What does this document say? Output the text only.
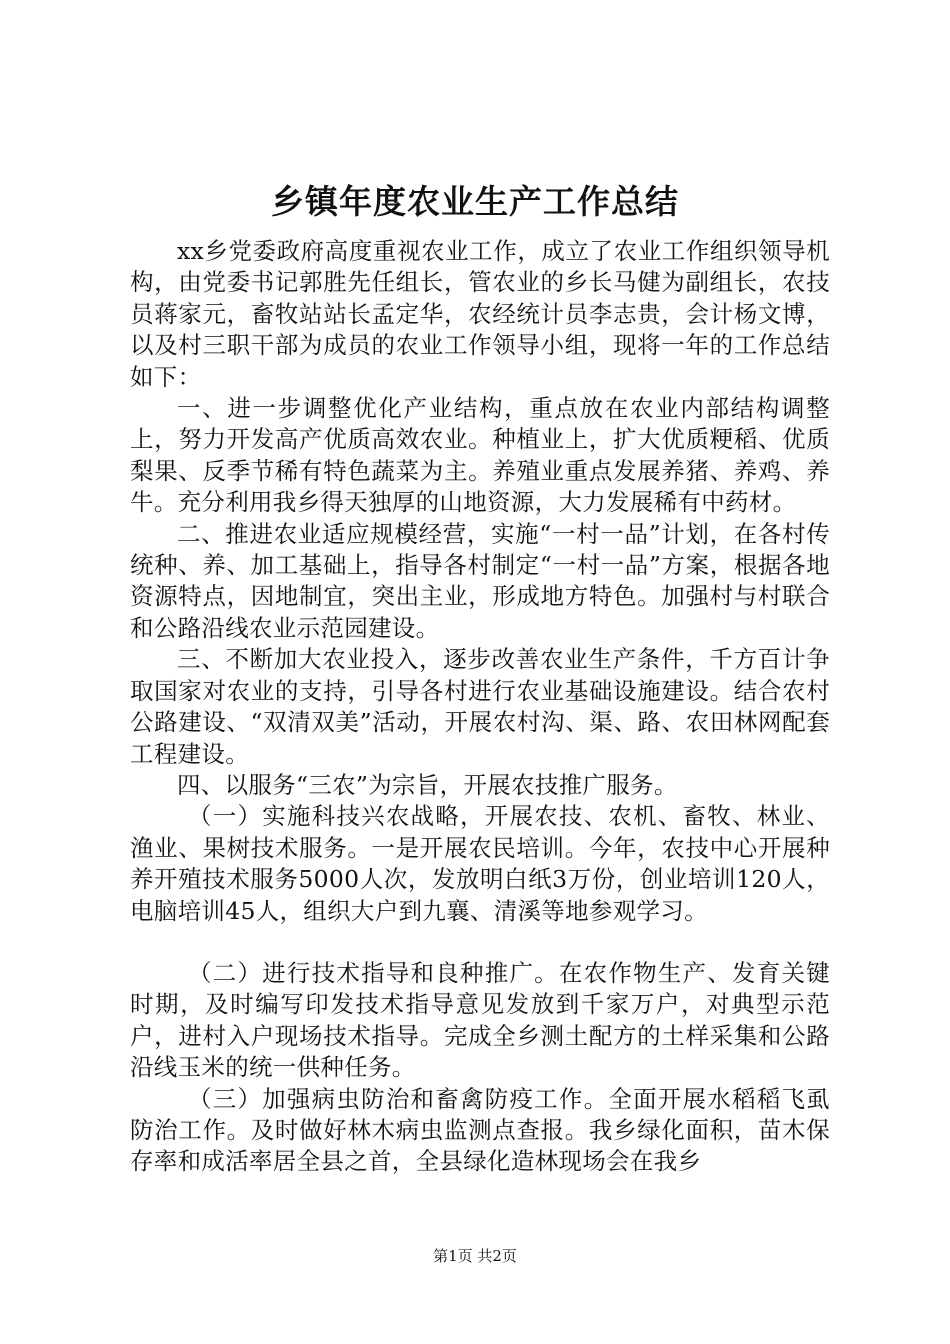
乡镇年度农业生产工作总结

xx乡党委政府高度重视农业工作，成立了农业工作组织领导机构，由党委书记郭胜先任组长，管农业的乡长马健为副组长，农技员蒋家元，畜牧站站长孟定华，农经统计员李志贵，会计杨文博，以及村三职干部为成员的农业工作领导小组，现将一年的工作总结如下：

一、进一步调整优化产业结构，重点放在农业内部结构调整上，努力开发高产优质高效农业。种植业上，扩大优质粳稻、优质梨果、反季节稀有特色蔬菜为主。养殖业重点发展养猪、养鸡、养牛。充分利用我乡得天独厚的山地资源，大力发展稀有中药材。

二、推进农业适应规模经营，实施“一村一品”计划，在各村传统种、养、加工基础上，指导各村制定“一村一品”方案，根据各地资源特点，因地制宜，突出主业，形成地方特色。加强村与村联合和公路沿线农业示范园建设。

三、不断加大农业投入，逐步改善农业生产条件，千方百计争取国家对农业的支持，引导各村进行农业基础设施建设。结合农村公路建设、“双清双美”活动，开展农村沟、渠、路、农田林网配套工程建设。

四、以服务“三农”为宗旨，开展农技推广服务。

（一）实施科技兴农战略，开展农技、农机、畜牧、林业、渔业、果树技术服务。一是开展农民培训。今年，农技中心开展种养开殖技术服务5000人次，发放明白纸3万份，创业培训120人，电脑培训45人，组织大户到九襄、清溪等地参观学习。

（二）进行技术指导和良种推广。在农作物生产、发育关键时期，及时编写印发技术指导意见发放到千家万户，对典型示范户，进村入户现场技术指导。完成全乡测土配方的土样采集和公路沿线玉米的统一供种任务。

（三）加强病虫防治和畜禽防疫工作。全面开展水稻稻飞虱防治工作。及时做好林木病虫监测点查报。我乡绿化面积，苗木保存率和成活率居全县之首，全县绿化造林现场会在我乡

第1页 共2页
